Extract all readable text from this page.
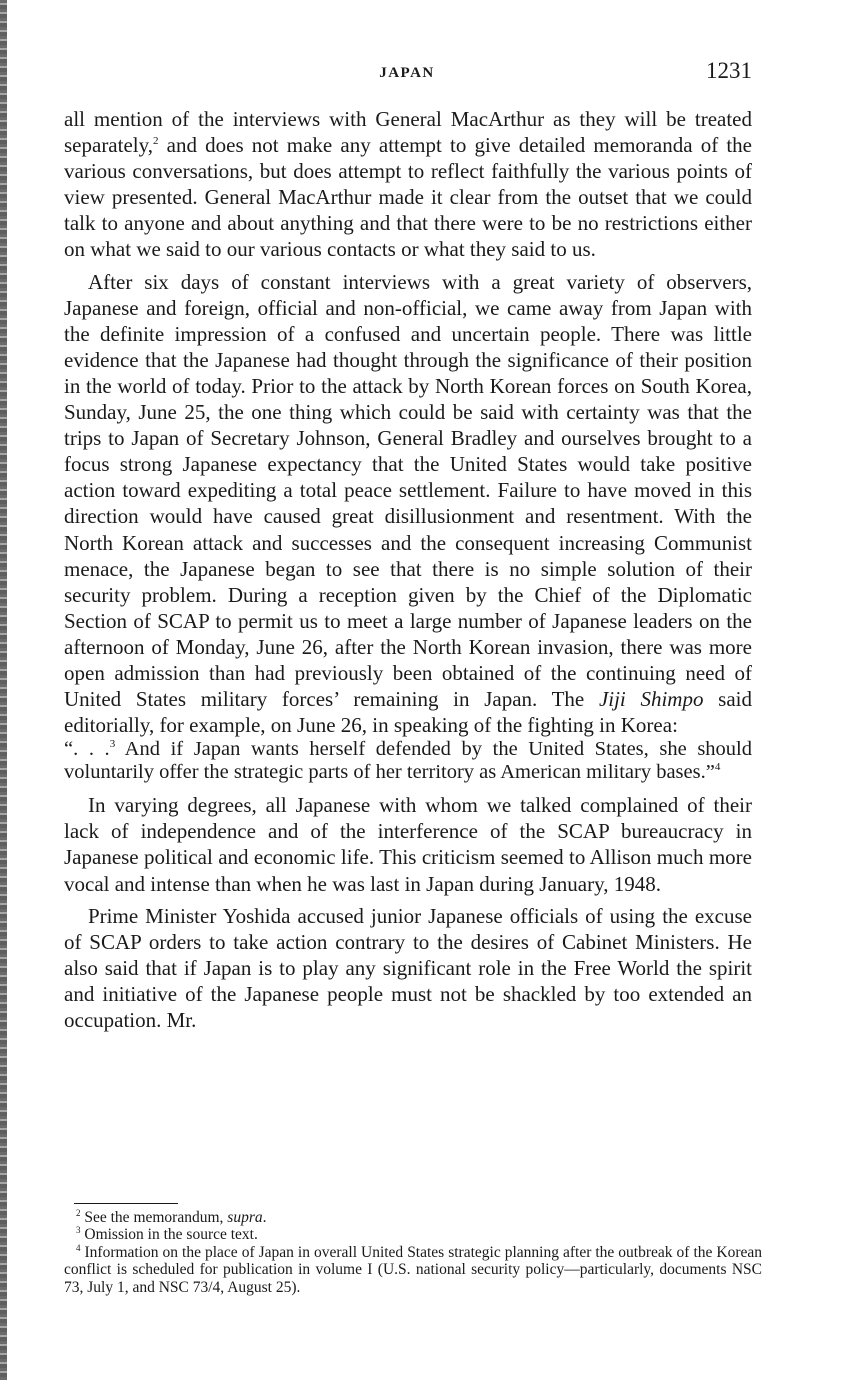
JAPAN	1231

all mention of the interviews with General MacArthur as they will be treated separately,$^2$ and does not make any attempt to give detailed memoranda of the various conversations, but does attempt to reflect faithfully the various points of view presented. General MacArthur made it clear from the outset that we could talk to anyone and about anything and that there were to be no restrictions either on what we said to our various contacts or what they said to us.

After six days of constant interviews with a great variety of observers, Japanese and foreign, official and non-official, we came away from Japan with the definite impression of a confused and uncertain people. There was little evidence that the Japanese had thought through the significance of their position in the world of today. Prior to the attack by North Korean forces on South Korea, Sunday, June 25, the one thing which could be said with certainty was that the trips to Japan of Secretary Johnson, General Bradley and ourselves brought to a focus strong Japanese expectancy that the United States would take positive action toward expediting a total peace settlement. Failure to have moved in this direction would have caused great disillusionment and resentment. With the North Korean attack and successes and the consequent increasing Communist menace, the Japanese began to see that there is no simple solution of their security problem. During a reception given by the Chief of the Diplomatic Section of SCAP to permit us to meet a large number of Japanese leaders on the afternoon of Monday, June 26, after the North Korean invasion, there was more open admission than had previously been obtained of the continuing need of United States military forces’ remaining in Japan. The Jiji Shimpo said editorially, for example, on June 26, in speaking of the fighting in Korea:

“. . .$^3$ And if Japan wants herself defended by the United States, she should voluntarily offer the strategic parts of her territory as American military bases.”$^4$

In varying degrees, all Japanese with whom we talked complained of their lack of independence and of the interference of the SCAP bureaucracy in Japanese political and economic life. This criticism seemed to Allison much more vocal and intense than when he was last in Japan during January, 1948.

Prime Minister Yoshida accused junior Japanese officials of using the excuse of SCAP orders to take action contrary to the desires of Cabinet Ministers. He also said that if Japan is to play any significant role in the Free World the spirit and initiative of the Japanese people must not be shackled by too extended an occupation. Mr.

$^2$ See the memorandum, supra.

$^3$ Omission in the source text.

$^4$ Information on the place of Japan in overall United States strategic planning after the outbreak of the Korean conflict is scheduled for publication in volume I (U.S. national security policy—particularly, documents NSC 73, July 1, and NSC 73/4, August 25).
